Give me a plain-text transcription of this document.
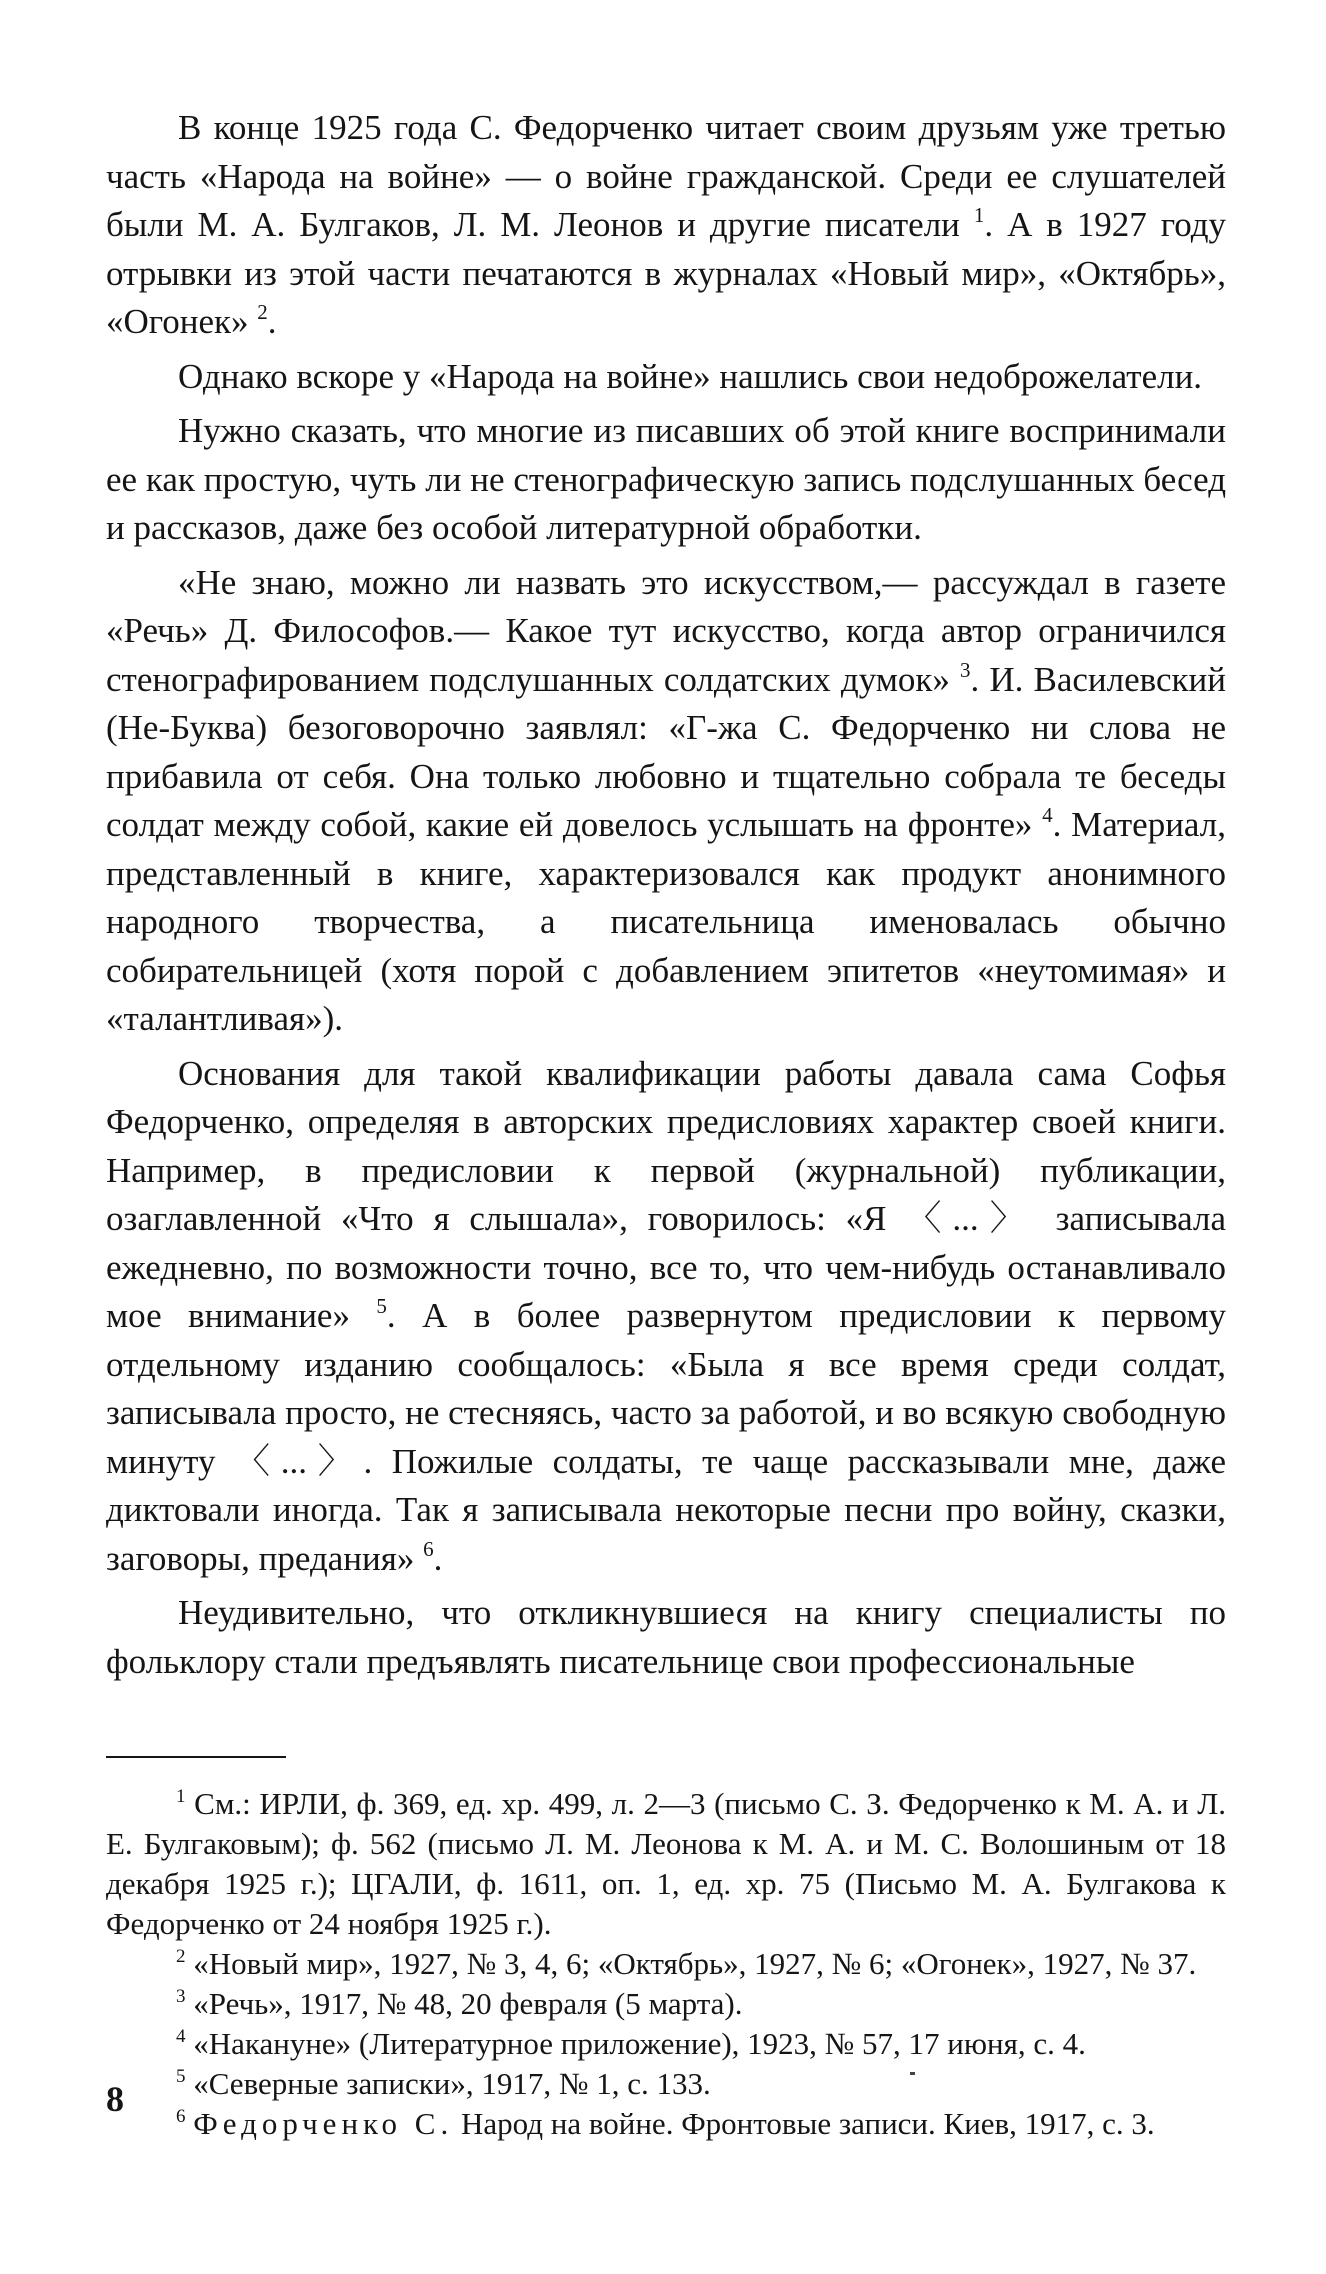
В конце 1925 года С. Федорченко читает своим друзьям уже третью часть «Народа на войне» — о войне гражданской. Среди ее слушателей были М. А. Булгаков, Л. М. Леонов и другие писатели $^1$. А в 1927 году отрывки из этой части печатаются в журналах «Новый мир», «Октябрь», «Огонек» $^2$.

Однако вскоре у «Народа на войне» нашлись свои недоброжелатели.

Нужно сказать, что многие из писавших об этой книге воспринимали ее как простую, чуть ли не стенографическую запись подслушанных бесед и рассказов, даже без особой литературной обработки.

«Не знаю, можно ли назвать это искусством,— рассуждал в газете «Речь» Д. Философов.— Какое тут искусство, когда автор ограничился стенографированием подслушанных солдатских думок» $^3$. И. Василевский (Не-Буква) безоговорочно заявлял: «Г-жа С. Федорченко ни слова не прибавила от себя. Она только любовно и тщательно собрала те беседы солдат между собой, какие ей довелось услышать на фронте» $^4$. Материал, представленный в книге, характеризовался как продукт анонимного народного творчества, а писательница именовалась обычно собирательницей (хотя порой с добавлением эпитетов «неутомимая» и «талантливая»).

Основания для такой квалификации работы давала сама Софья Федорченко, определяя в авторских предисловиях характер своей книги. Например, в предисловии к первой (журнальной) публикации, озаглавленной «Что я слышала», говорилось: «Я 〈...〉 записывала ежедневно, по возможности точно, все то, что чем-нибудь останавливало мое внимание» $^5$. А в более развернутом предисловии к первому отдельному изданию сообщалось: «Была я все время среди солдат, записывала просто, не стесняясь, часто за работой, и во всякую свободную минуту 〈...〉. Пожилые солдаты, те чаще рассказывали мне, даже диктовали иногда. Так я записывала некоторые песни про войну, сказки, заговоры, предания» $^6$.

Неудивительно, что откликнувшиеся на книгу специалисты по фольклору стали предъявлять писательнице свои профессиональные

$^1$ См.: ИРЛИ, ф. 369, ед. хр. 499, л. 2—3 (письмо С. З. Федорченко к М. А. и Л. Е. Булгаковым); ф. 562 (письмо Л. М. Леонова к М. А. и М. С. Волошиным от 18 декабря 1925 г.); ЦГАЛИ, ф. 1611, оп. 1, ед. хр. 75 (Письмо М. А. Булгакова к Федорченко от 24 ноября 1925 г.).

$^2$ «Новый мир», 1927, № 3, 4, 6; «Октябрь», 1927, № 6; «Огонек», 1927, № 37.

$^3$ «Речь», 1917, № 48, 20 февраля (5 марта).

$^4$ «Накануне» (Литературное приложение), 1923, № 57, 17 июня, с. 4.

$^5$ «Северные записки», 1917, № 1, с. 133.

$^6$ Федорченко С. Народ на войне. Фронтовые записи. Киев, 1917, с. 3.

8
